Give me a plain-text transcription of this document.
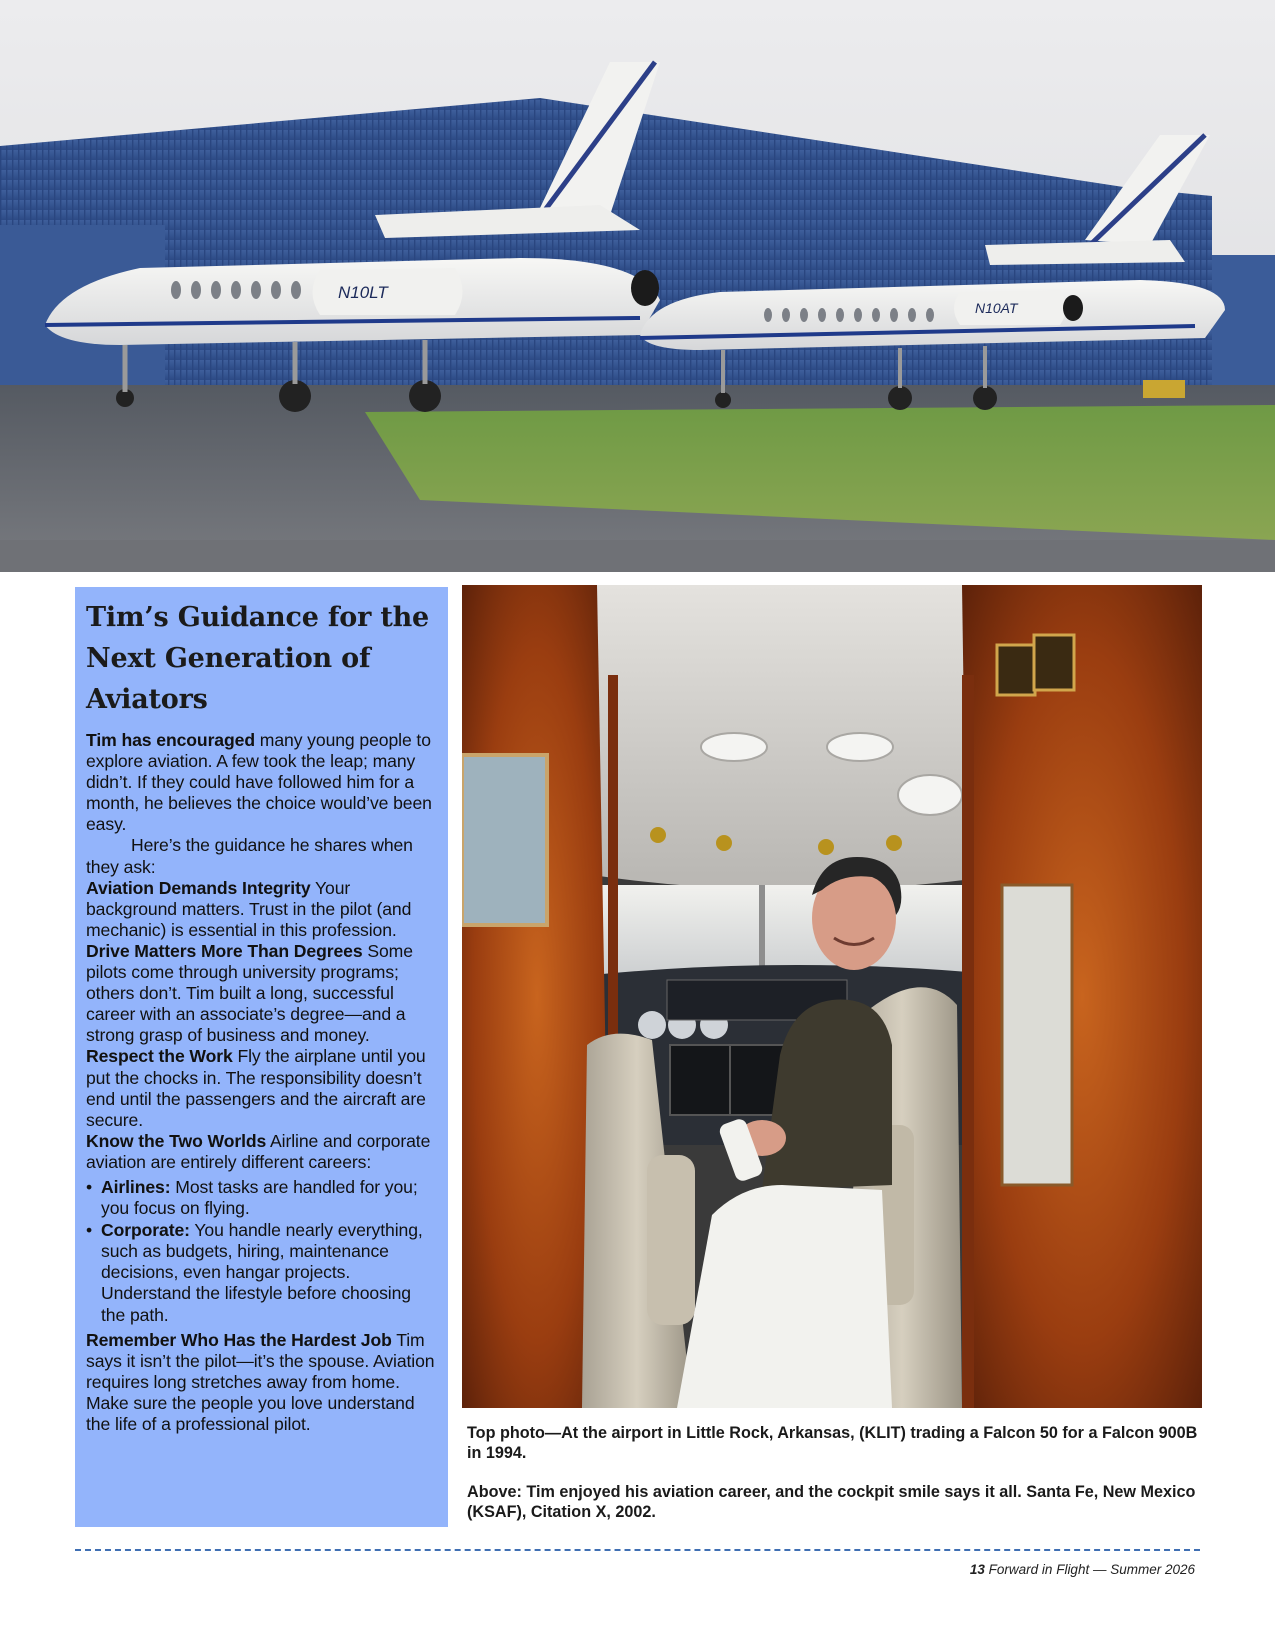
N10LT
N10AT
Tim’s Guidance for the Next Generation of Aviators

Tim has encouraged many young people to explore aviation. A few took the leap; many didn’t. If they could have followed him for a month, he believes the choice would’ve been easy.

Here’s the guidance he shares when they ask:

Aviation Demands Integrity Your background matters. Trust in the pilot (and mechanic) is essential in this profession.

Drive Matters More Than Degrees Some pilots come through university programs; others don’t. Tim built a long, successful career with an associate’s degree—and a strong grasp of business and money.

Respect the Work Fly the airplane until you put the chocks in. The responsibility doesn’t end until the passengers and the aircraft are secure.

Know the Two Worlds Airline and corporate aviation are entirely different careers:

• Airlines: Most tasks are handled for you; you focus on flying.
• Corporate: You handle nearly everything, such as budgets, hiring, maintenance decisions, even hangar projects. Understand the lifestyle before choosing the path.

Remember Who Has the Hardest Job Tim says it isn’t the pilot—it’s the spouse. Aviation requires long stretches away from home. Make sure the people you love understand the life of a professional pilot.	Top photo—At the airport in Little Rock, Arkansas, (KLIT) trading a Falcon 50 for a Falcon 900B in 1994.

Above: Tim enjoyed his aviation career, and the cockpit smile says it all. Santa Fe, New Mexico (KSAF), Citation X, 2002.

13 Forward in Flight — Summer 2026
